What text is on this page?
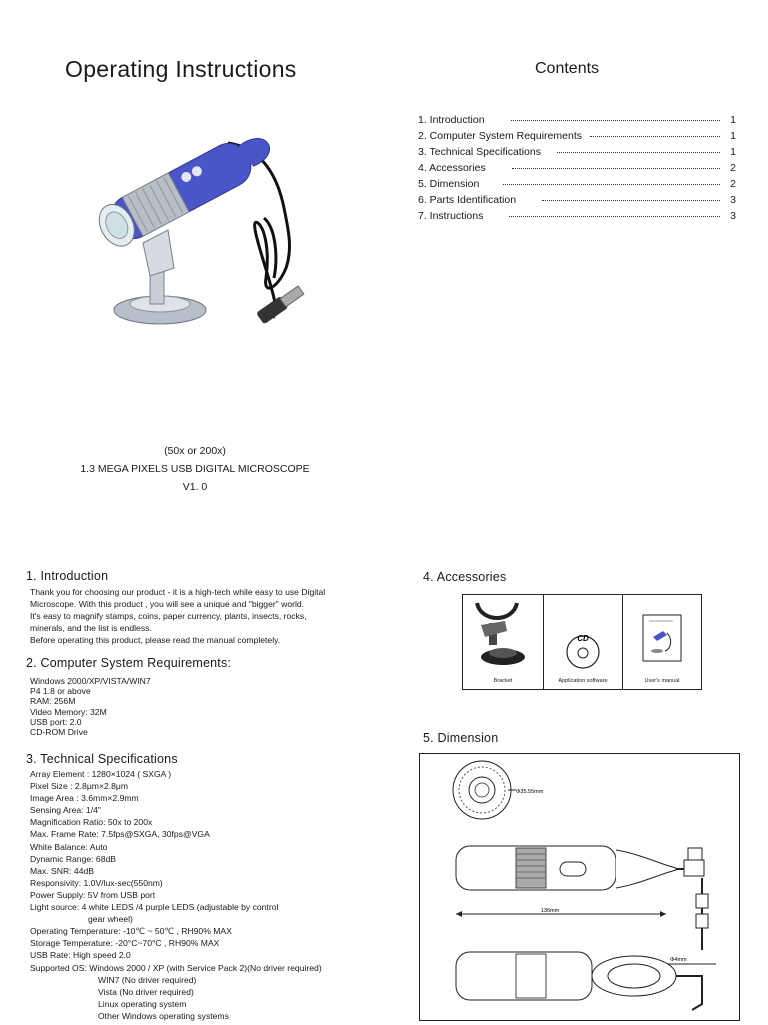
Operating Instructions	Contents
1. Introduction	1
2. Computer System Requirements	1
3. Technical Specifications	1
4. Accessories	2
5. Dimension	2
6. Parts Identification	3
7. Instructions	3
(50x or 200x)
1.3 MEGA PIXELS USB DIGITAL MICROSCOPE
V1. 0
1. Introduction
Thank you for choosing our product - it is a high-tech while easy to use Digital
Microscope. With this product , you will see a unique and "bigger" world.
It's easy to magnify stamps, coins, paper currency, plants, insects, rocks,
minerals, and the list is endless.
Before operating this product, please read the manual completely.
2. Computer System Requirements:
Windows 2000/XP/VISTA/WIN7
P4 1.8 or above
RAM: 256M
Video Memory: 32M
USB port: 2.0
CD-ROM Drive
3. Technical Specifications
Array Element : 1280×1024 ( SXGA )
Pixel Size : 2.8μm×2.8μm
Image Area : 3.6mm×2.9mm
Sensing Area: 1/4"
Magnification Ratio: 50x to 200x
Max. Frame Rate: 7.5fps@SXGA, 30fps@VGA
White Balance: Auto
Dynamic Range: 68dB
Max. SNR: 44dB
Responsivity: 1.0V/lux-sec(550nm)
Power Supply: 5V from USB port
Light source: 4 white LEDS /4 purple LEDS (adjustable by control
gear wheel)
Operating Temperature: -10℃ ~ 50℃ , RH90% MAX
Storage Temperature: -20°C~70°C , RH90% MAX
USB Rate: High speed 2.0
Supported OS: Windows 2000 / XP (with Service Pack 2)(No driver required)
WIN7 (No driver required)
Vista (No driver required)
Linux operating system
Other Windows operating systems
4. Accessories
Bracket
CD
Application software	User's manual
5. Dimension
Φ35.55mm
136mm
Φ4mm
